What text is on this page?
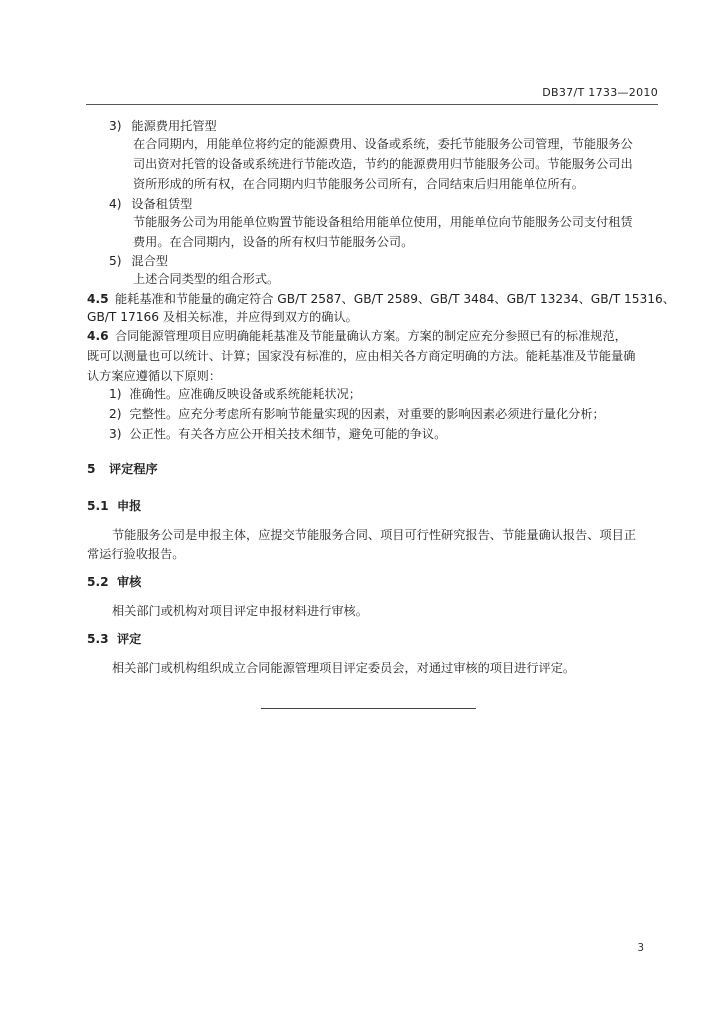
DB37/T 1733—2010
3) 能源费用托管型
在合同期内，用能单位将约定的能源费用、设备或系统，委托节能服务公司管理，节能服务公
司出资对托管的设备或系统进行节能改造，节约的能源费用归节能服务公司。节能服务公司出
资所形成的所有权，在合同期内归节能服务公司所有，合同结束后归用能单位所有。
4) 设备租赁型
节能服务公司为用能单位购置节能设备租给用能单位使用，用能单位向节能服务公司支付租赁
费用。在合同期内，设备的所有权归节能服务公司。
5) 混合型
上述合同类型的组合形式。
4.5 能耗基准和节能量的确定符合 GB/T 2587、GB/T 2589、GB/T 3484、GB/T 13234、GB/T 15316、
GB/T 17166 及相关标准，并应得到双方的确认。
4.6 合同能源管理项目应明确能耗基准及节能量确认方案。方案的制定应充分参照已有的标准规范，
既可以测量也可以统计、计算；国家没有标准的，应由相关各方商定明确的方法。能耗基准及节能量确
认方案应遵循以下原则：
1) 准确性。应准确反映设备或系统能耗状况；
2) 完整性。应充分考虑所有影响节能量实现的因素，对重要的影响因素必须进行量化分析；
3) 公正性。有关各方应公开相关技术细节，避免可能的争议。
5 评定程序
5.1 申报
节能服务公司是申报主体，应提交节能服务合同、项目可行性研究报告、节能量确认报告、项目正
常运行验收报告。
5.2 审核
相关部门或机构对项目评定申报材料进行审核。
5.3 评定
相关部门或机构组织成立合同能源管理项目评定委员会，对通过审核的项目进行评定。
3
